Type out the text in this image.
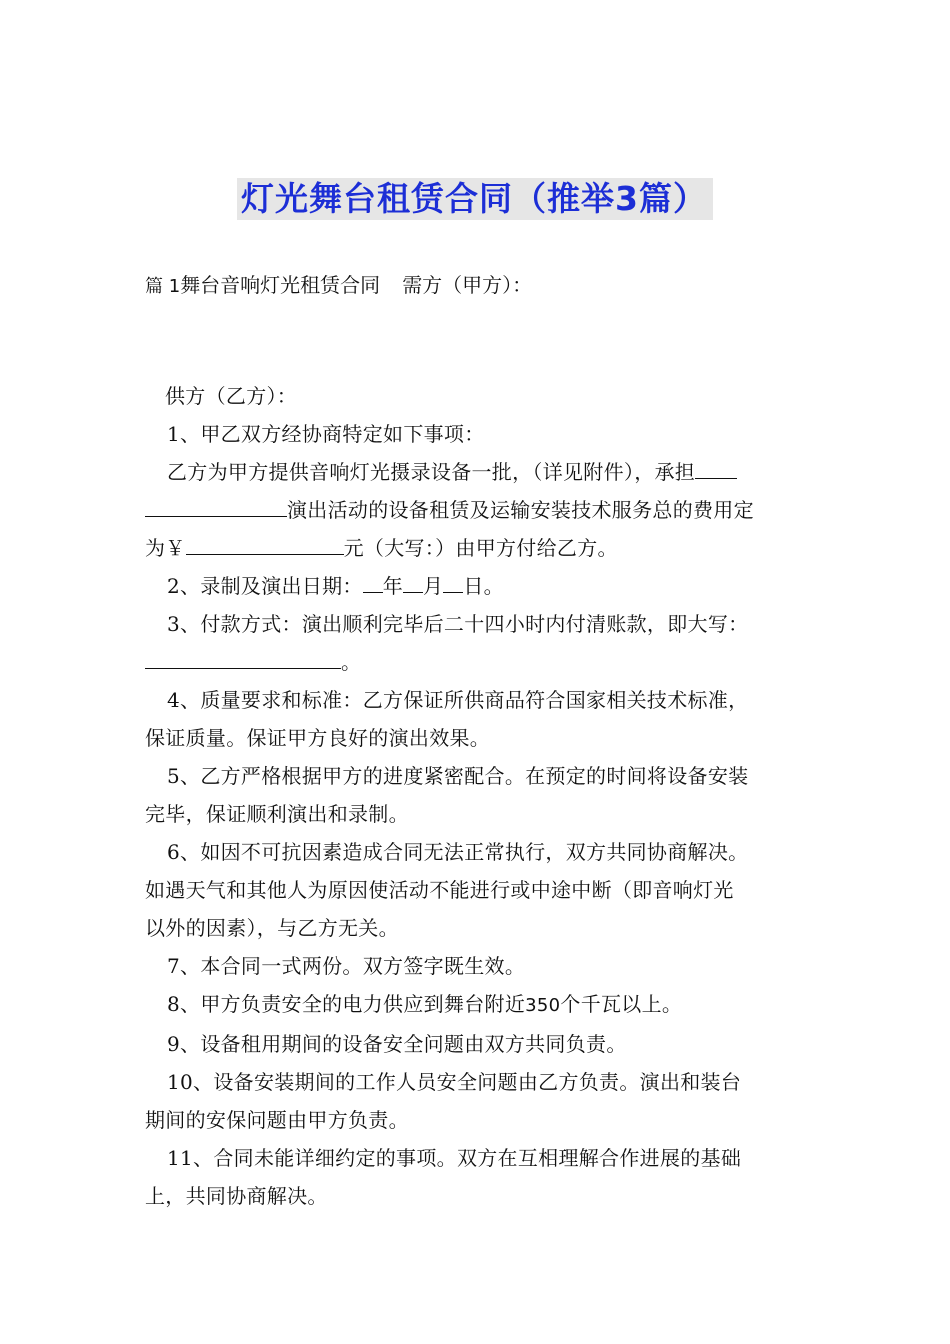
灯光舞台租赁合同（推举3篇）
篇 1舞台音响灯光租赁合同 需方（甲方）：

供方（乙方）：

1、甲乙双方经协商特定如下事项：

乙方为甲方提供音响灯光摄录设备一批，（详见附件），承担

演出活动的设备租赁及运输安装技术服务总的费用定

为￥	元（大写：）由甲方付给乙方。

2、录制及演出日期： 年 月 日。

3、付款方式：演出顺利完毕后二十四小时内付清账款，即大写：

。

4、质量要求和标准：乙方保证所供商品符合国家相关技术标准，

保证质量。保证甲方良好的演出效果。

5、乙方严格根据甲方的进度紧密配合。在预定的时间将设备安装

完毕，保证顺利演出和录制。

6、如因不可抗因素造成合同无法正常执行，双方共同协商解决。

如遇天气和其他人为原因使活动不能进行或中途中断（即音响灯光

以外的因素），与乙方无关。

7、本合同一式两份。双方签字既生效。

8、甲方负责安全的电力供应到舞台附近350个千瓦以上。

9、设备租用期间的设备安全问题由双方共同负责。

10、设备安装期间的工作人员安全问题由乙方负责。演出和装台

期间的安保问题由甲方负责。

11、合同未能详细约定的事项。双方在互相理解合作进展的基础

上，共同协商解决。
